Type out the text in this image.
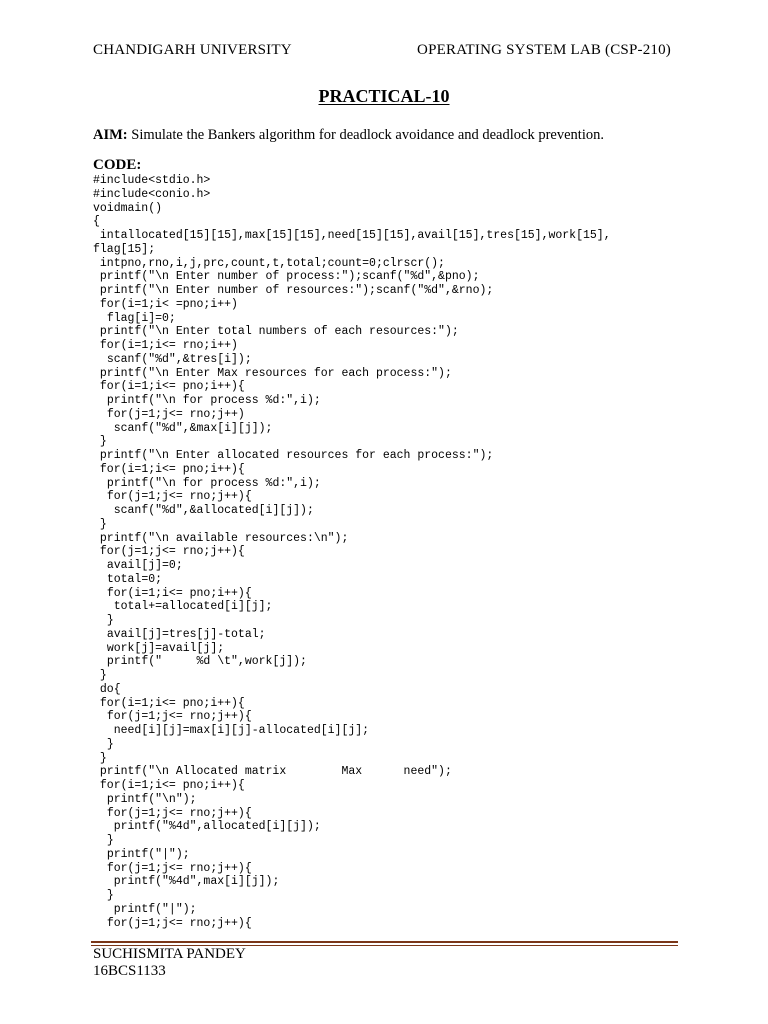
CHANDIGARH UNIVERSITY	OPERATING SYSTEM LAB (CSP-210)
PRACTICAL-10
AIM: Simulate the Bankers algorithm for deadlock avoidance and deadlock prevention.
CODE:
#include<stdio.h>
#include<conio.h>
voidmain()
{
intallocated[15][15],max[15][15],need[15][15],avail[15],tres[15],work[15],
flag[15];
intpno,rno,i,j,prc,count,t,total;count=0;clrscr();
printf("\n Enter number of process:");scanf("%d",&pno);
printf("\n Enter number of resources:");scanf("%d",&rno);
for(i=1;i< =pno;i++)
flag[i]=0;
printf("\n Enter total numbers of each resources:");
for(i=1;i<= rno;i++)
scanf("%d",&tres[i]);
printf("\n Enter Max resources for each process:");
for(i=1;i<= pno;i++){
printf("\n for process %d:",i);
for(j=1;j<= rno;j++)
scanf("%d",&max[i][j]);
}
printf("\n Enter allocated resources for each process:");
for(i=1;i<= pno;i++){
printf("\n for process %d:",i);
for(j=1;j<= rno;j++){
scanf("%d",&allocated[i][j]);
}
printf("\n available resources:\n");
for(j=1;j<= rno;j++){
avail[j]=0;
total=0;
for(i=1;i<= pno;i++){
total+=allocated[i][j];
}
avail[j]=tres[j]-total;
work[j]=avail[j];
printf("     %d \t",work[j]);
}
do{
for(i=1;i<= pno;i++){
for(j=1;j<= rno;j++){
need[i][j]=max[i][j]-allocated[i][j];
}
}
printf("\n Allocated matrix        Max      need");
for(i=1;i<= pno;i++){
printf("\n");
for(j=1;j<= rno;j++){
printf("%4d",allocated[i][j]);
}
printf("|");
for(j=1;j<= rno;j++){
printf("%4d",max[i][j]);
}
printf("|");
for(j=1;j<= rno;j++){
SUCHISMITA PANDEY
16BCS1133
